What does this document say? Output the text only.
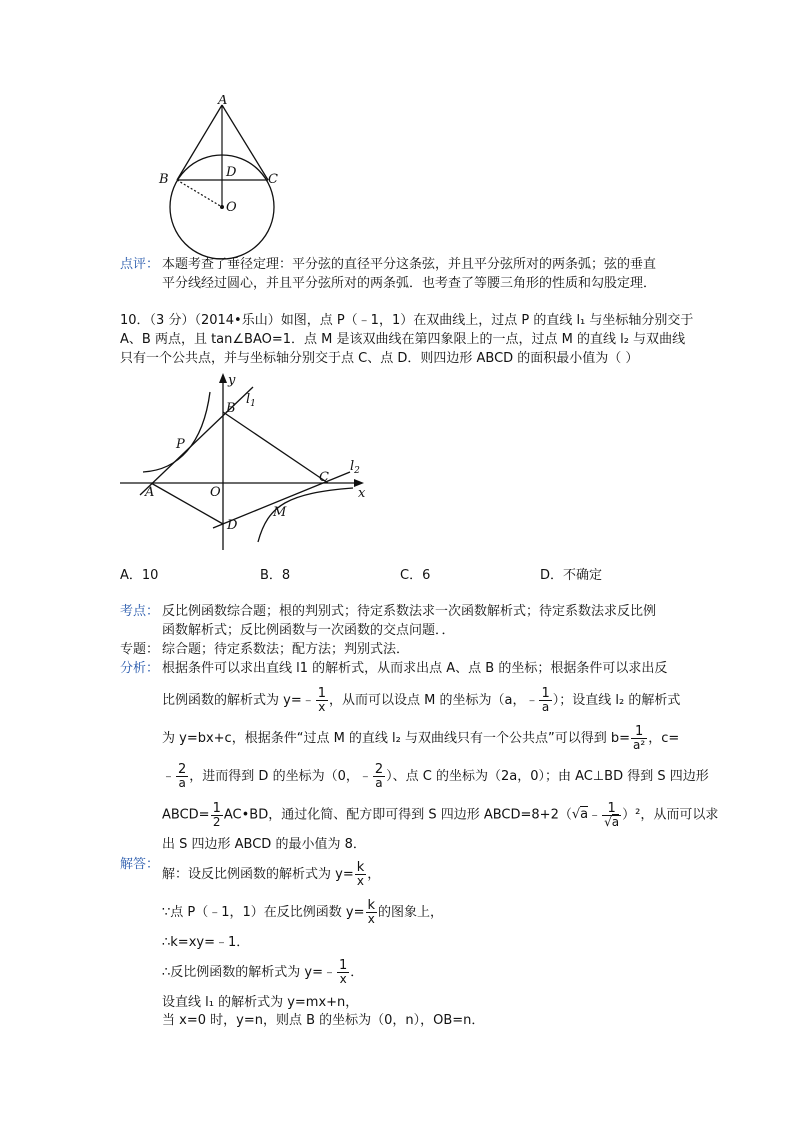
A
B	C
D
O
点评： 本题考查了垂径定理：平分弦的直径平分这条弦，并且平分弦所对的两条弧；弦的垂直
平分线经过圆心，并且平分弦所对的两条弧．也考查了等腰三角形的性质和勾股定理．
10．（3 分）（2014•乐山）如图，点 P（﹣1，1）在双曲线上，过点 P 的直线 l₁ 与坐标轴分别交于
A、B 两点，且 tan∠BAO=1．点 M 是该双曲线在第四象限上的一点，过点 M 的直线 l₂ 与双曲线
只有一个公共点，并与坐标轴分别交于点 C、点 D．则四边形 ABCD 的面积最小值为（ ）
y
x
B
$l_1$
P
C
$l_2$
A	O
D
M
A．10	B．8	C．6	D．不确定
考点： 反比例函数综合题；根的判别式；待定系数法求一次函数解析式；待定系数法求反比例
函数解析式；反比例函数与一次函数的交点问题．．
专题： 综合题；待定系数法；配方法；判别式法．
分析： 根据条件可以求出直线 l1 的解析式，从而求出点 A、点 B 的坐标；根据条件可以求出反
比例函数的解析式为 y=﹣ $\frac{1}{x}$ ，从而可以设点 M 的坐标为（a，﹣ $\frac{1}{a}$ ）；设直线 l₂ 的解析式
为 y=bx+c，根据条件“过点 M 的直线 l₂ 与双曲线只有一个公共点”可以得到 $b= \frac{1}{\text{a²}}$ ，c=
﹣ $\frac{2}{a}$ ，进而得到 D 的坐标为（0，﹣ $\frac{2}{a}$ ）、点 C 的坐标为（2a，0）；由 AC⊥BD 得到 S 四边形
ABCD= $\frac{1}{2}$ AC•BD，通过化简、配方即可得到 S 四边形 ABCD=8+2（√a﹣ $\frac{1}{√a} )^2$，从而可以求
出 S 四边形 ABCD 的最小值为 8．
解答：
解：设反比例函数的解析式为 $y= \frac{k}{x}$ ，
∵点 P（﹣1，1）在反比例函数 $y= \frac{k}{x}$ 的图象上，
∴k=xy=﹣1．
∴反比例函数的解析式为 y=﹣ $\frac{1}{x}$ ．
设直线 l₁ 的解析式为 y=mx+n，
当 x=0 时，y=n，则点 B 的坐标为（0，n），OB=n．
